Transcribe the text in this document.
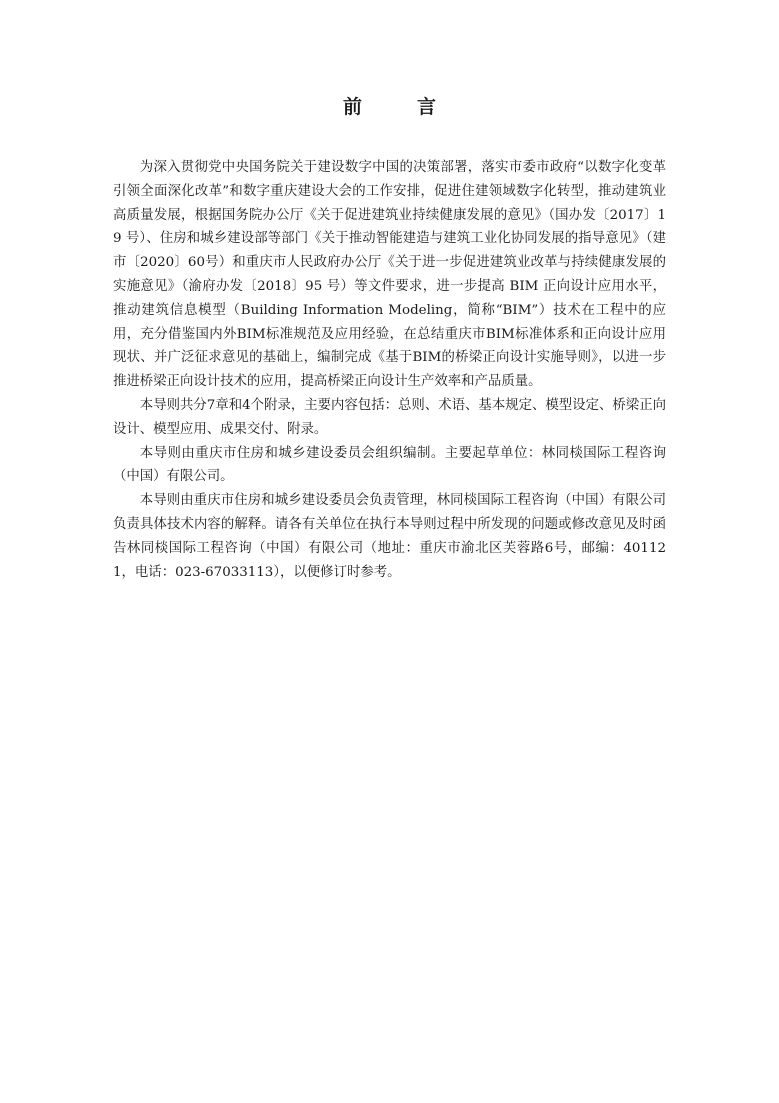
前　言

为深入贯彻党中央国务院关于建设数字中国的决策部署，落实市委市政府“以数字化变革引领全面深化改革”和数字重庆建设大会的工作安排，促进住建领域数字化转型，推动建筑业高质量发展，根据国务院办公厅《关于促进建筑业持续健康发展的意见》（国办发〔2017〕19 号）、住房和城乡建设部等部门《关于推动智能建造与建筑工业化协同发展的指导意见》（建市〔2020〕60号）和重庆市人民政府办公厅《关于进一步促进建筑业改革与持续健康发展的实施意见》（渝府办发〔2018〕95 号）等文件要求，进一步提高 BIM 正向设计应用水平，推动建筑信息模型（Building Information Modeling，简称“BIM”）技术在工程中的应用，充分借鉴国内外BIM标准规范及应用经验，在总结重庆市BIM标准体系和正向设计应用现状、并广泛征求意见的基础上，编制完成《基于BIM的桥梁正向设计实施导则》，以进一步推进桥梁正向设计技术的应用，提高桥梁正向设计生产效率和产品质量。

本导则共分7章和4个附录，主要内容包括：总则、术语、基本规定、模型设定、桥梁正向设计、模型应用、成果交付、附录。

本导则由重庆市住房和城乡建设委员会组织编制。主要起草单位：林同棪国际工程咨询（中国）有限公司。

本导则由重庆市住房和城乡建设委员会负责管理，林同棪国际工程咨询（中国）有限公司负责具体技术内容的解释。请各有关单位在执行本导则过程中所发现的问题或修改意见及时函告林同棪国际工程咨询（中国）有限公司（地址：重庆市渝北区芙蓉路6号，邮编：401121，电话：023-67033113），以便修订时参考。
